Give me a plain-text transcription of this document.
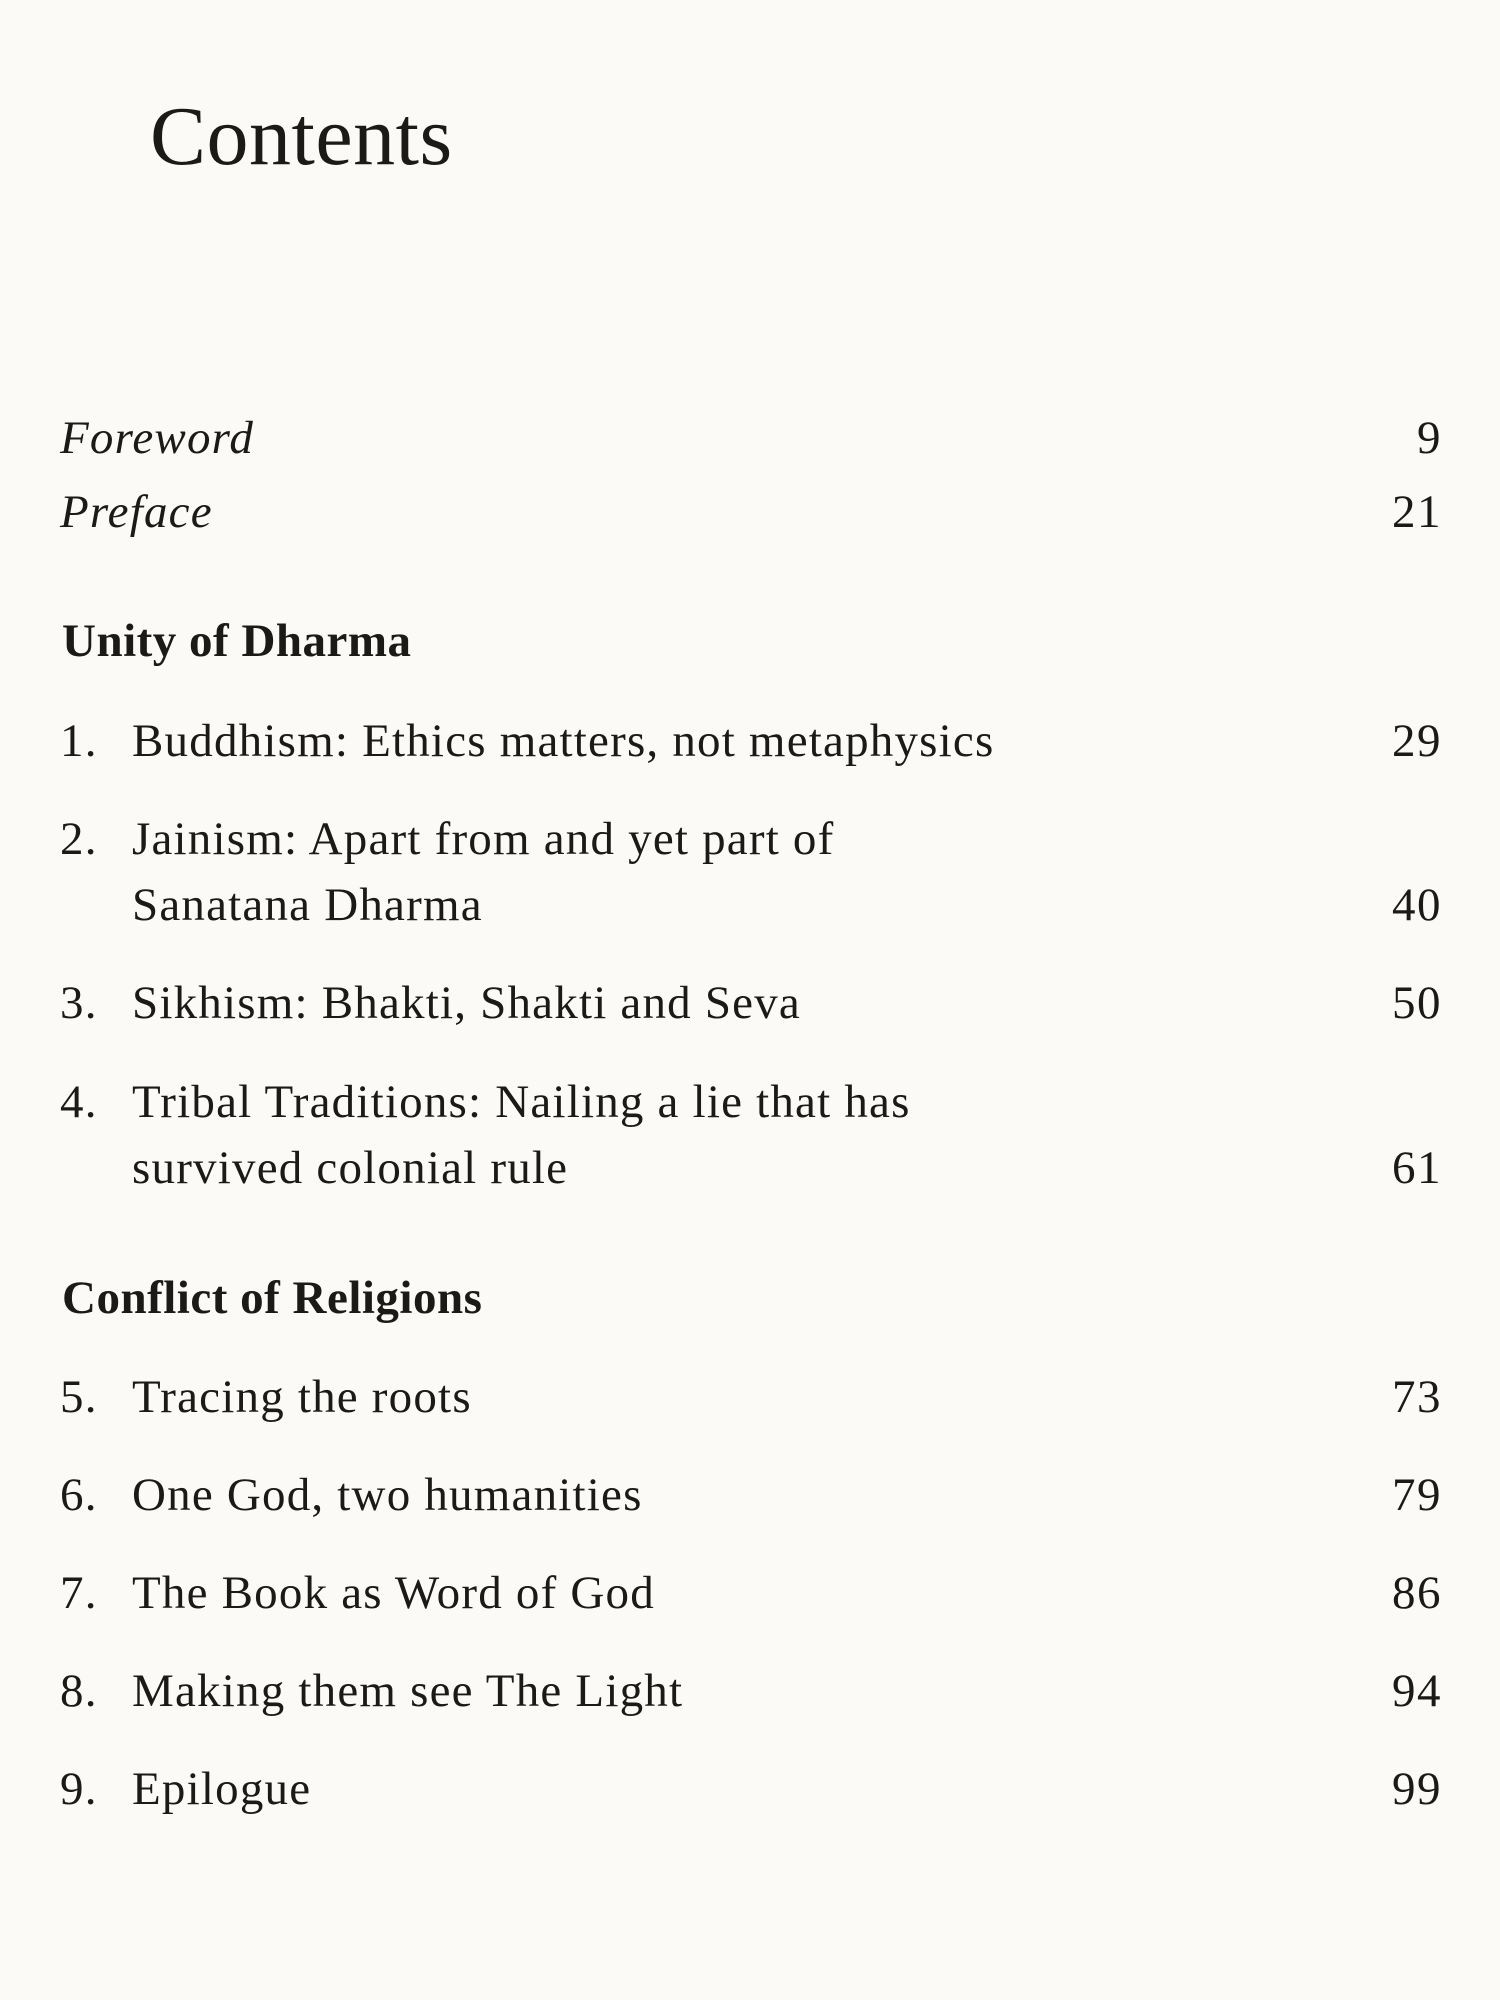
Contents
Foreword	9
Preface	21
Unity of Dharma
1. Buddhism: Ethics matters, not metaphysics	29
2. Jainism: Apart from and yet part of
Sanatana Dharma	40
3. Sikhism: Bhakti, Shakti and Seva	50
4. Tribal Traditions: Nailing a lie that has
survived colonial rule	61
Conflict of Religions
5. Tracing the roots	73
6. One God, two humanities	79
7. The Book as Word of God	86
8. Making them see The Light	94
9. Epilogue	99
